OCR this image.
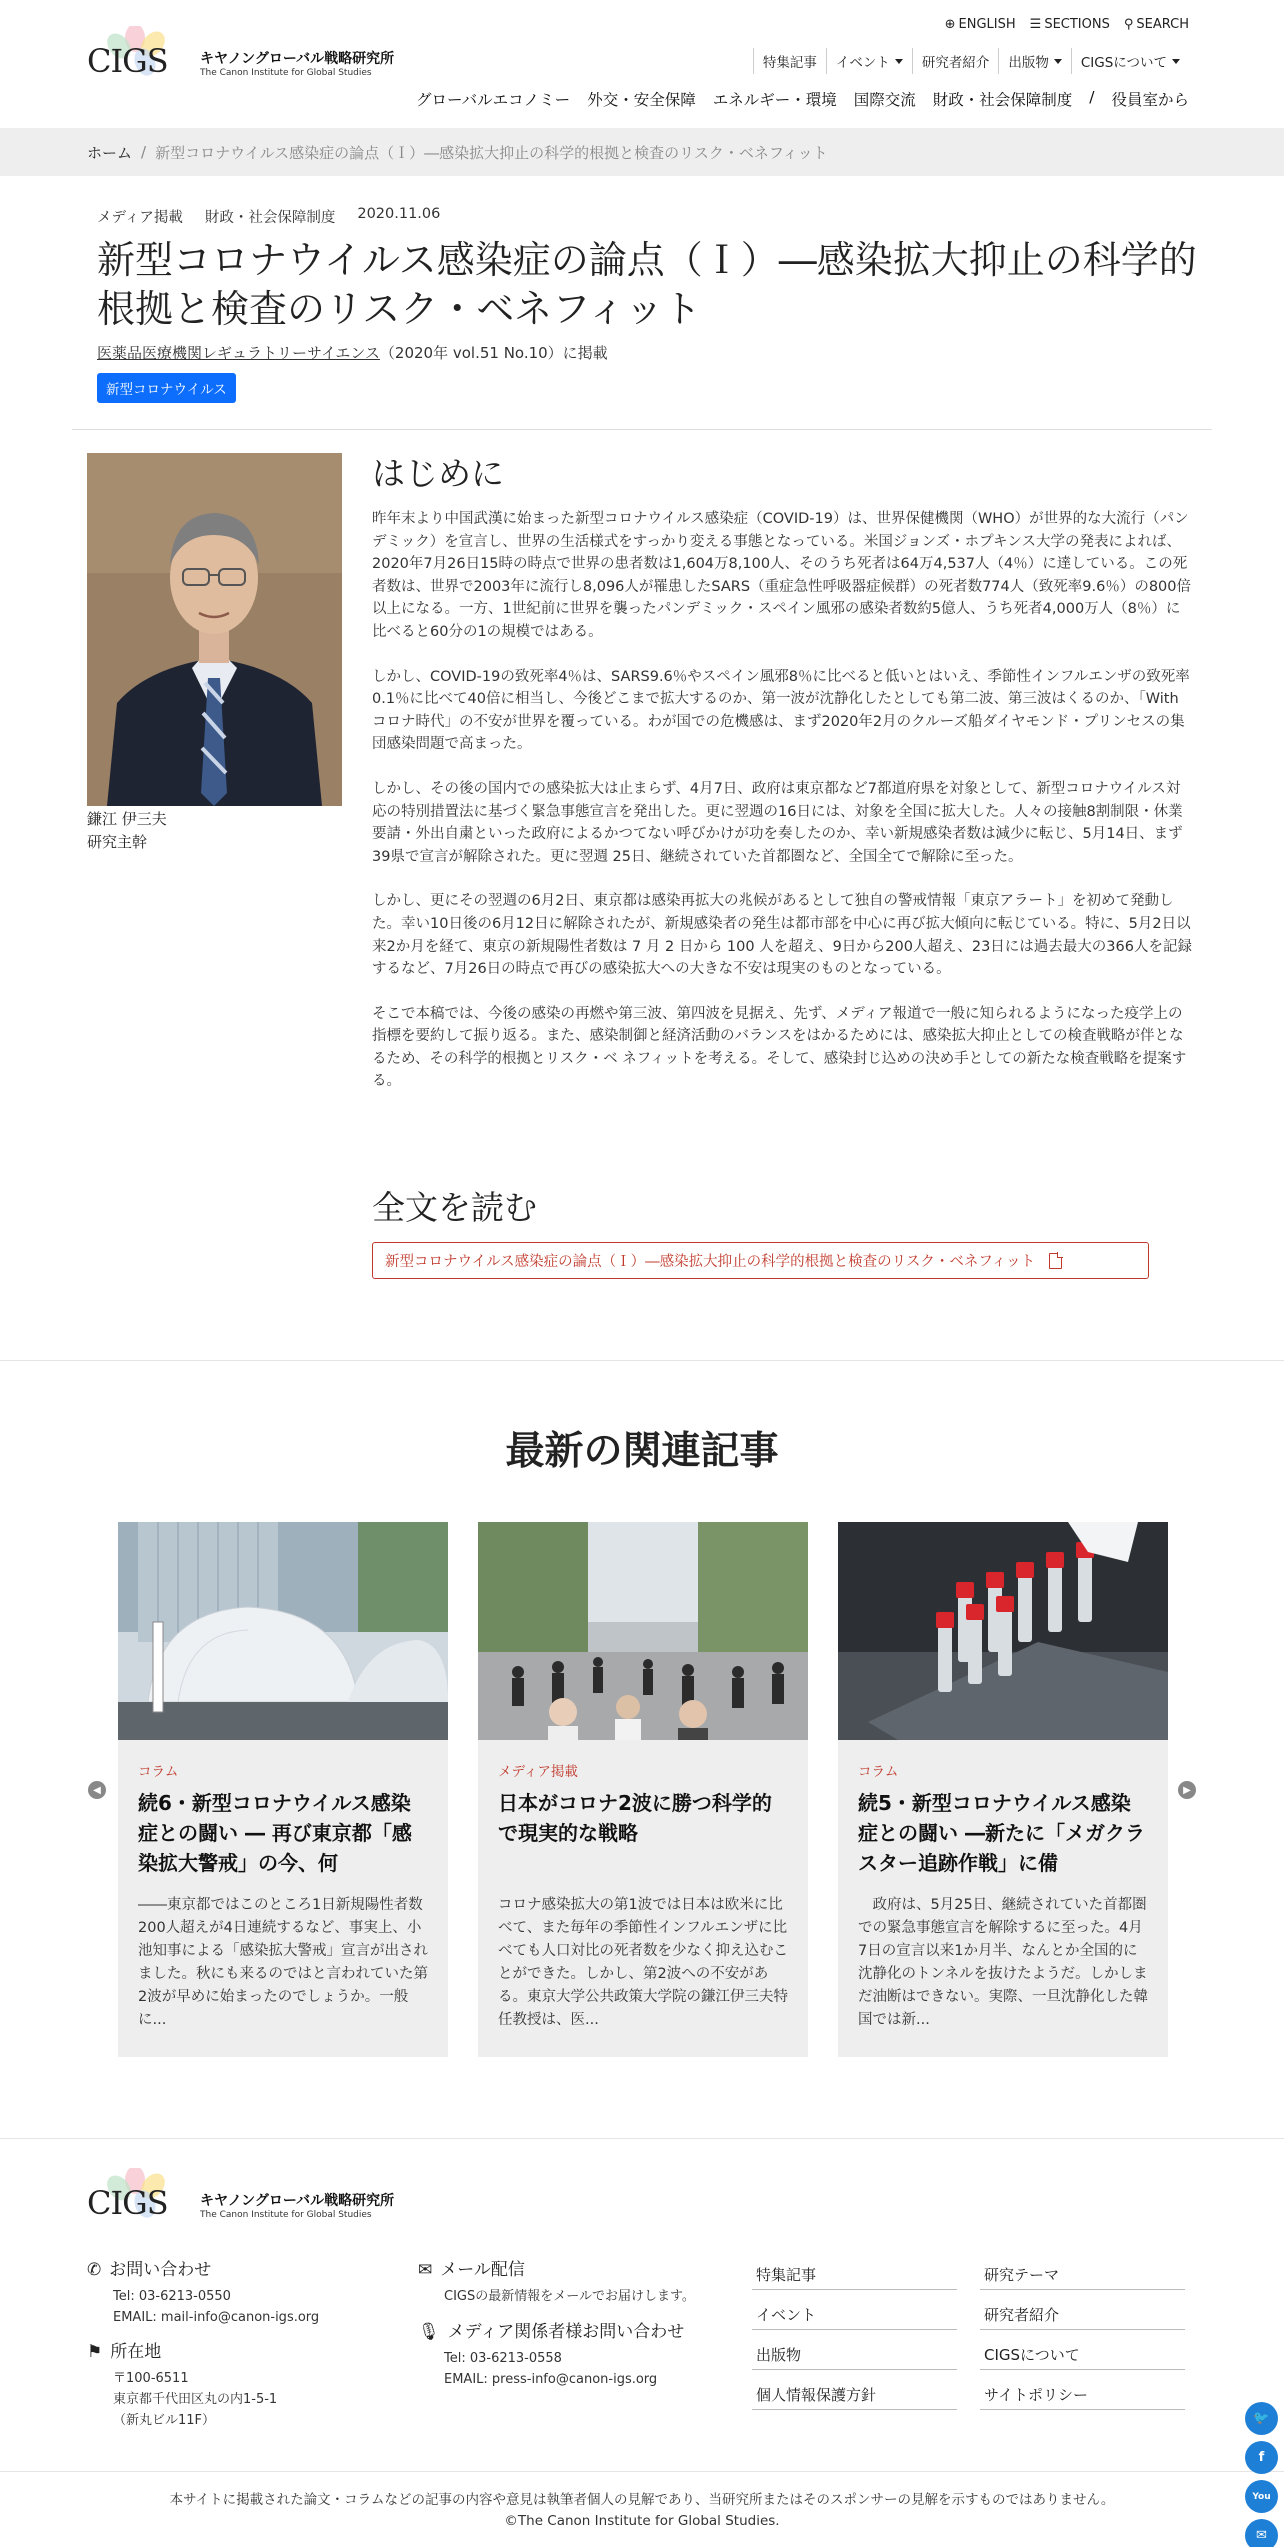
CIGS キヤノングローバル戦略研究所
The Canon Institute for Global Studies
⊕ ENGLISH ☰ SECTIONS ⚲ SEARCH
特集記事 イベント 研究者紹介 出版物 CIGSについて
グローバルエコノミー 外交・安全保障 エネルギー・環境 国際交流 財政・社会保障制度 / 役員室から
ホーム / 新型コロナウイルス感染症の論点（Ｉ）―感染拡大抑止の科学的根拠と検査のリスク・ベネフィット
メディア掲載 財政・社会保障制度 2020.11.06
新型コロナウイルス感染症の論点（Ｉ）―感染拡大抑止の科学的根拠と検査のリスク・ベネフィット
医薬品医療機関レギュラトリーサイエンス（2020年 vol.51 No.10）に掲載
新型コロナウイルス
鎌江 伊三夫
研究主幹
はじめに

昨年末より中国武漢に始まった新型コロナウイルス感染症（COVID-19）は、世界保健機関（WHO）が世界的な大流行（パンデミック）を宣言し、世界の生活様式をすっかり変える事態となっている。米国ジョンズ・ホプキンス大学の発表によれば、2020年7月26日15時の時点で世界の患者数は1,604万8,100人、そのうち死者は64万4,537人（4％）に達している。この死者数は、世界で2003年に流行し8,096人が罹患したSARS（重症急性呼吸器症候群）の死者数774人（致死率9.6％）の800倍以上になる。一方、1世紀前に世界を襲ったパンデミック・スペイン風邪の感染者数約5億人、うち死者4,000万人（8％）に比べると60分の1の規模ではある。

しかし、COVID-19の致死率4％は、SARS9.6％やスペイン風邪8％に比べると低いとはいえ、季節性インフルエンザの致死率0.1％に比べて40倍に相当し、今後どこまで拡大するのか、第一波が沈静化したとしても第二波、第三波はくるのか、「With コロナ時代」の不安が世界を覆っている。わが国での危機感は、まず2020年2月のクルーズ船ダイヤモンド・プリンセスの集団感染問題で高まった。

しかし、その後の国内での感染拡大は止まらず、4月7日、政府は東京都など7都道府県を対象として、新型コロナウイルス対応の特別措置法に基づく緊急事態宣言を発出した。更に翌週の16日には、対象を全国に拡大した。人々の接触8割制限・休業要請・外出自粛といった政府によるかつてない呼びかけが功を奏したのか、幸い新規感染者数は減少に転じ、5月14日、まず39県で宣言が解除された。更に翌週 25日、継続されていた首都圏など、全国全てで解除に至った。

しかし、更にその翌週の6月2日、東京都は感染再拡大の兆候があるとして独自の警戒情報「東京アラート」を初めて発動した。幸い10日後の6月12日に解除されたが、新規感染者の発生は都市部を中心に再び拡大傾向に転じている。特に、5月2日以来2か月を経て、東京の新規陽性者数は 7 月 2 日から 100 人を超え、9日から200人超え、23日には過去最大の366人を記録するなど、7月26日の時点で再びの感染拡大への大きな不安は現実のものとなっている。

そこで本稿では、今後の感染の再燃や第三波、第四波を見据え、先ず、メディア報道で一般に知られるようになった疫学上の指標を要約して振り返る。また、感染制御と経済活動のバランスをはかるためには、感染拡大抑止としての検査戦略が伴となるため、その科学的根拠とリスク・ベ ネフィットを考える。そして、感染封じ込めの決め手としての新たな検査戦略を提案する。

全文を読む
新型コロナウイルス感染症の論点（Ｉ）―感染拡大抑止の科学的根拠と検査のリスク・ベネフィット
最新の関連記事
◀	▶
コラム
続6・新型コロナウイルス感染症との闘い ― 再び東京都「感染拡大警戒」の今、何
――東京都ではこのところ1日新規陽性者数200人超えが4日連続するなど、事実上、小池知事による「感染拡大警戒」宣言が出されました。秋にも来るのではと言われていた第2波が早めに始まったのでしょうか。一般に...
メディア掲載
日本がコロナ2波に勝つ科学的で現実的な戦略
コロナ感染拡大の第1波では日本は欧米に比べて、また毎年の季節性インフルエンザに比べても人口対比の死者数を少なく抑え込むことができた。しかし、第2波への不安がある。東京大学公共政策大学院の鎌江伊三夫特任教授は、医...
コラム
続5・新型コロナウイルス感染症との闘い ―新たに「メガクラスター追跡作戦」に備
　政府は、5月25日、継続されていた首都圏での緊急事態宣言を解除するに至った。4月7日の宣言以来1か月半、なんとか全国的に沈静化のトンネルを抜けたようだ。しかしまだ油断はできない。実際、一旦沈静化した韓国では新...
CIGS キヤノングローバル戦略研究所
The Canon Institute for Global Studies
✆ お問い合わせ
Tel: 03-6213-0550
EMAIL: mail-info@canon-igs.org
⚑ 所在地
〒100-6511
東京都千代田区丸の内1-5-1
（新丸ビル11F）
✉ メール配信
CIGSの最新情報をメールでお届けします。
🎙 メディア関係者様お問い合わせ
Tel: 03-6213-0558
EMAIL: press-info@canon-igs.org
特集記事	研究テーマ
イベント	研究者紹介
出版物	CIGSについて
個人情報保護方針	サイトポリシー
本サイトに掲載された論文・コラムなどの記事の内容や意見は執筆者個人の見解であり、当研究所またはそのスポンサーの見解を示すものではありません。
©The Canon Institute for Global Studies.
🐦
f
You
✉
